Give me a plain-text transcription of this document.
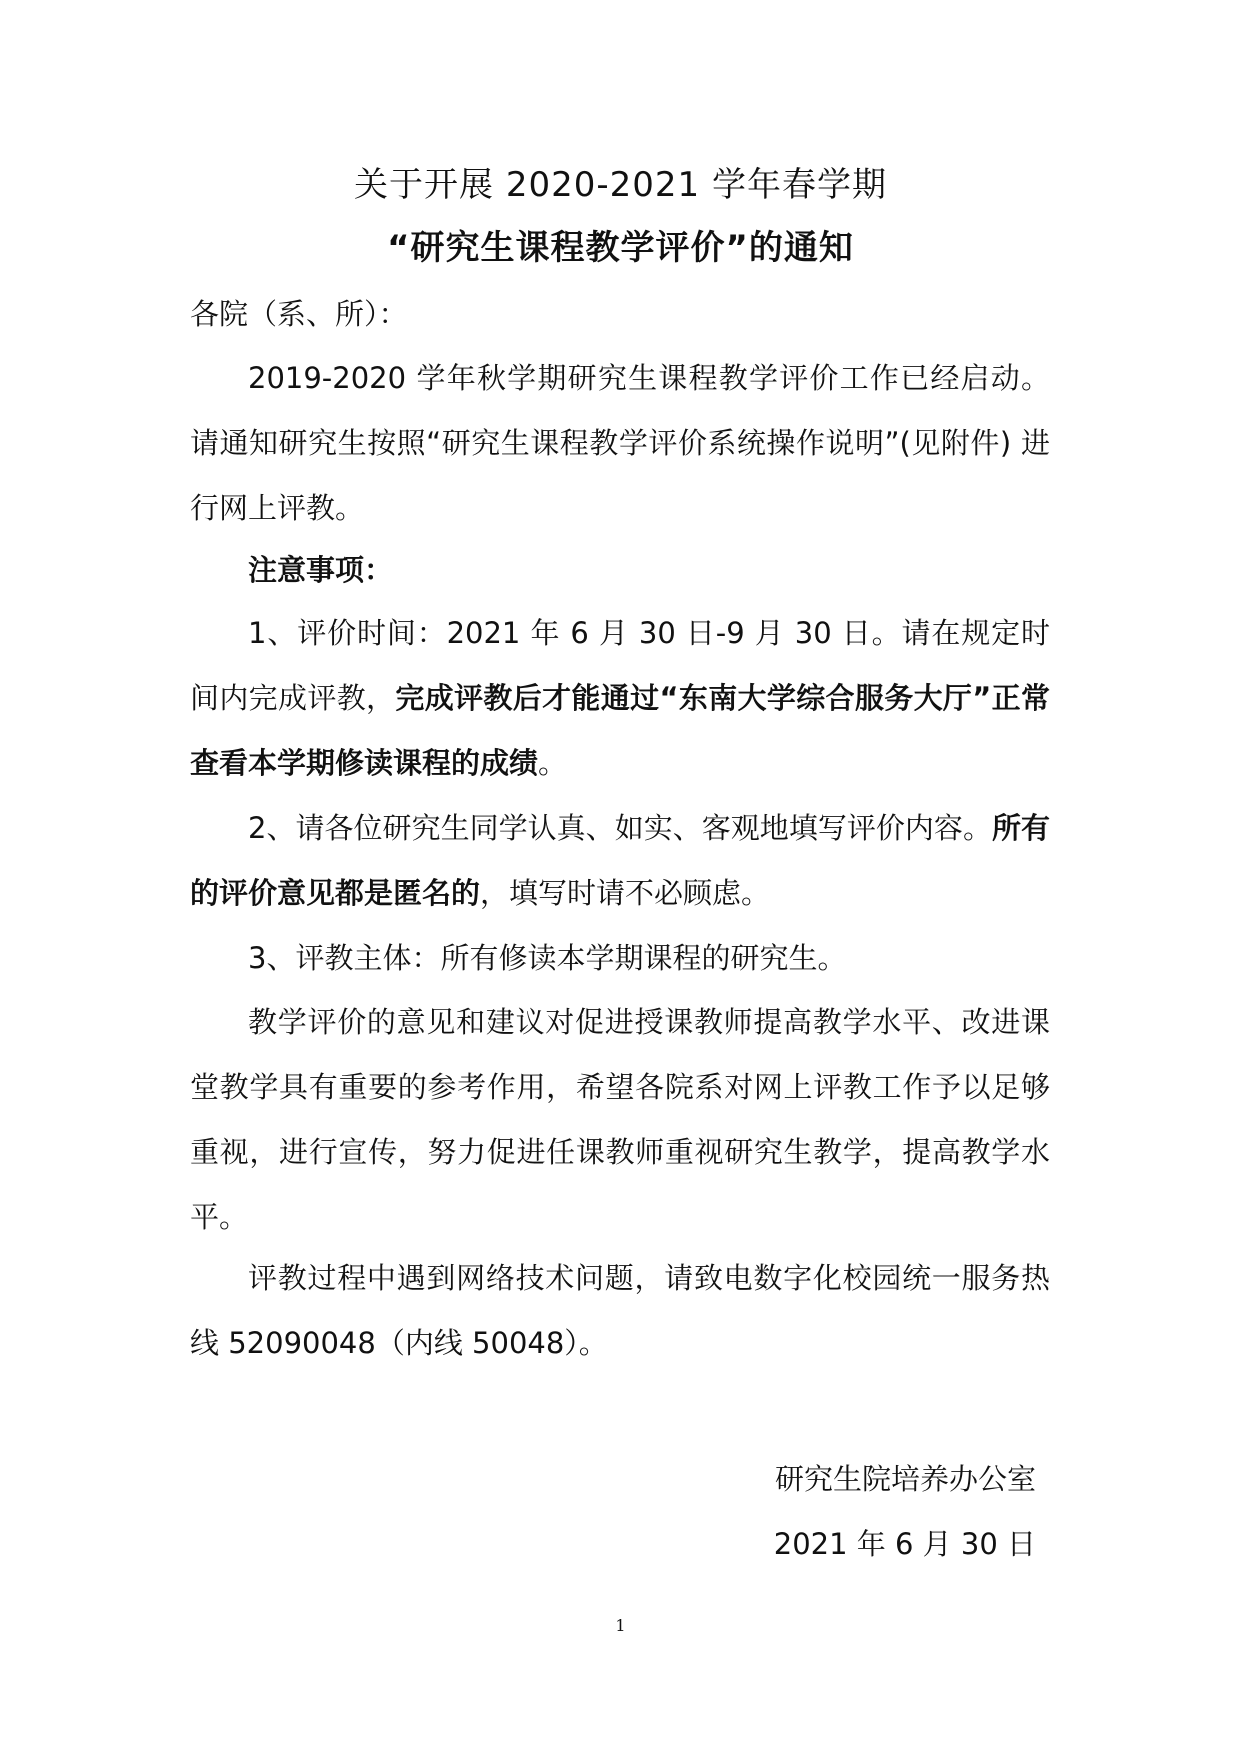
关于开展 2020-2021 学年春学期
“研究生课程教学评价”的通知
各院（系、所）：

2019-2020 学年秋学期研究生课程教学评价工作已经启动。请通知研究生按照“研究生课程教学评价系统操作说明”(见附件) 进行网上评教。

注意事项：

1、评价时间：2021 年 6 月 30 日-9 月 30 日。请在规定时间内完成评教，完成评教后才能通过“东南大学综合服务大厅”正常查看本学期修读课程的成绩。

2、请各位研究生同学认真、如实、客观地填写评价内容。所有的评价意见都是匿名的，填写时请不必顾虑。

3、评教主体：所有修读本学期课程的研究生。

教学评价的意见和建议对促进授课教师提高教学水平、改进课堂教学具有重要的参考作用，希望各院系对网上评教工作予以足够重视，进行宣传，努力促进任课教师重视研究生教学，提高教学水平。

评教过程中遇到网络技术问题，请致电数字化校园统一服务热线 52090048（内线 50048）。

研究生院培养办公室
2021 年 6 月 30 日
1
